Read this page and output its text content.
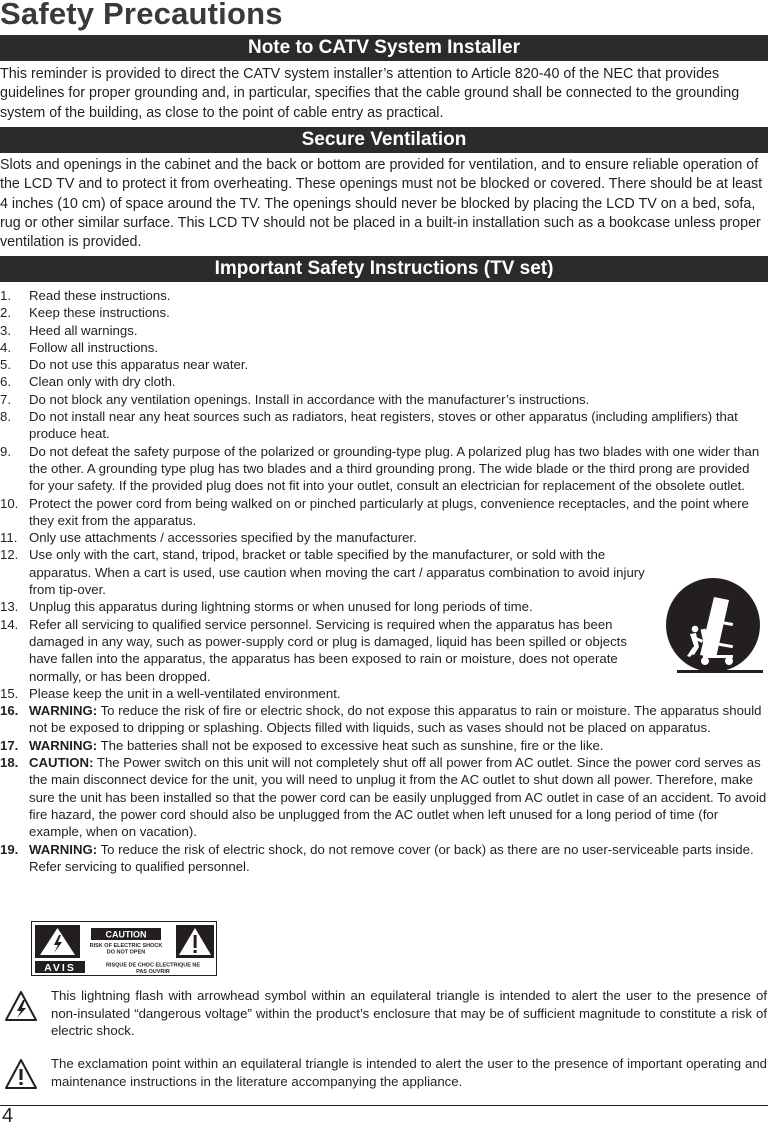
Safety Precautions
Note to CATV System Installer

This reminder is provided to direct the CATV system installer’s attention to Article 820-40 of the NEC that provides guidelines for proper grounding and, in particular, specifies that the cable ground shall be connected to the grounding system of the building, as close to the point of cable entry as practical.

Secure Ventilation

Slots and openings in the cabinet and the back or bottom are provided for ventilation, and to ensure reliable operation of the LCD TV and to protect it from overheating. These openings must not be blocked or covered. There should be at least 4 inches (10 cm) of space around the TV. The openings should never be blocked by placing the LCD TV on a bed, sofa, rug or other similar surface. This LCD TV should not be placed in a built-in installation such as a bookcase unless proper ventilation is provided.

Important Safety Instructions (TV set)
1. Read these instructions.
2. Keep these instructions.
3. Heed all warnings.
4. Follow all instructions.
5. Do not use this apparatus near water.
6. Clean only with dry cloth.
7. Do not block any ventilation openings. Install in accordance with the manufacturer’s instructions.
8. Do not install near any heat sources such as radiators, heat registers, stoves or other apparatus (including amplifiers) that produce heat.
9. Do not defeat the safety purpose of the polarized or grounding-type plug. A polarized plug has two blades with one wider than the other. A grounding type plug has two blades and a third grounding prong. The wide blade or the third prong are provided for your safety. If the provided plug does not fit into your outlet, consult an electrician for replacement of the obsolete outlet.
10. Protect the power cord from being walked on or pinched particularly at plugs, convenience receptacles, and the point where they exit from the apparatus.
11. Only use attachments / accessories specified by the manufacturer.
12. Use only with the cart, stand, tripod, bracket or table specified by the manufacturer, or sold with the apparatus. When a cart is used, use caution when moving the cart / apparatus combination to avoid injury from tip-over.
13. Unplug this apparatus during lightning storms or when unused for long periods of time.
14. Refer all servicing to qualified service personnel. Servicing is required when the apparatus has been damaged in any way, such as power-supply cord or plug is damaged, liquid has been spilled or objects have fallen into the apparatus, the apparatus has been exposed to rain or moisture, does not operate normally, or has been dropped.
15. Please keep the unit in a well-ventilated environment.
16. WARNING: To reduce the risk of fire or electric shock, do not expose this apparatus to rain or moisture. The apparatus should not be exposed to dripping or splashing. Objects filled with liquids, such as vases should not be placed on apparatus.
17. WARNING: The batteries shall not be exposed to excessive heat such as sunshine, fire or the like.
18. CAUTION: The Power switch on this unit will not completely shut off all power from AC outlet. Since the power cord serves as the main disconnect device for the unit, you will need to unplug it from the AC outlet to shut down all power. Therefore, make sure the unit has been installed so that the power cord can be easily unplugged from AC outlet in case of an accident. To avoid fire hazard, the power cord should also be unplugged from the AC outlet when left unused for a long period of time (for example, when on vacation).
19. WARNING: To reduce the risk of electric shock, do not remove cover (or back) as there are no user-serviceable parts inside. Refer servicing to qualified personnel.
CAUTION
RISK OF ELECTRIC SHOCK
DO NOT OPEN
AVIS	RISQUE DE CHOC ELECTRIQUE NE
PAS OUVRIR

This lightning flash with arrowhead symbol within an equilateral triangle is intended to alert the user to the presence of non-insulated “dangerous voltage” within the product’s enclosure that may be of sufficient magnitude to constitute a risk of electric shock.

The exclamation point within an equilateral triangle is intended to alert the user to the presence of important operating and maintenance instructions in the literature accompanying the appliance.

4
